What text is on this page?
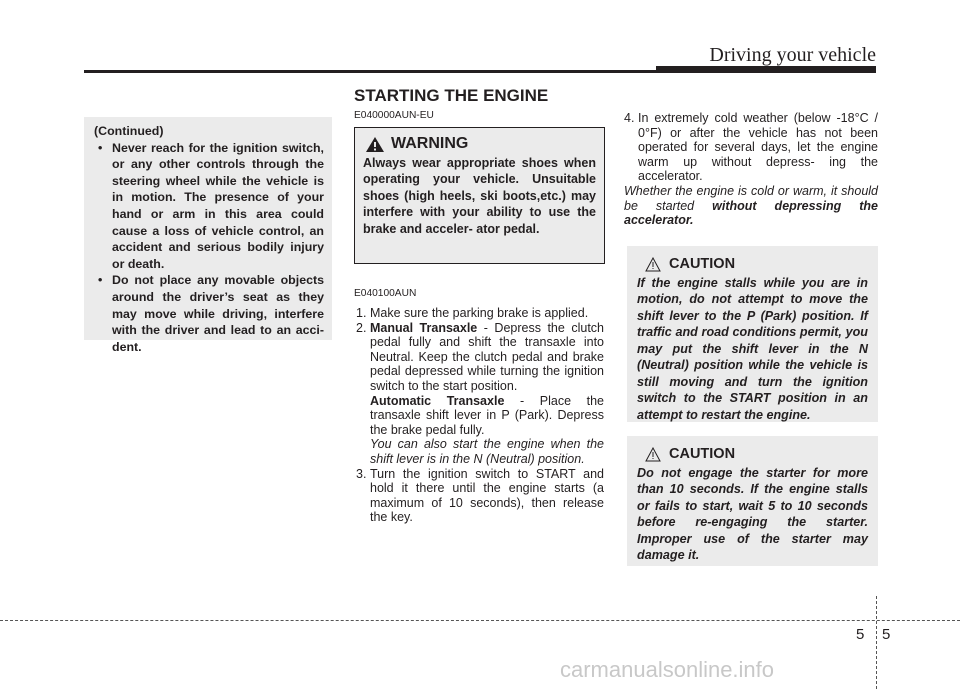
Driving your vehicle
STARTING THE ENGINE
(Continued)
• Never reach for the ignition switch, or any other controls through the steering wheel while the vehicle is in motion. The presence of your hand or arm in this area could cause a loss of vehicle control, an accident and serious bodily injury or death.
• Do not place any movable objects around the driver’s seat as they may move while driving, interfere with the driver and lead to an acci- dent.
E040000AUN-EU
WARNING
Always wear appropriate shoes when operating your vehicle. Unsuitable shoes (high heels, ski boots,etc.) may interfere with your ability to use the brake and acceler- ator pedal.
E040100AUN
1. Make sure the parking brake is applied.
2. Manual Transaxle - Depress the clutch pedal fully and shift the transaxle into Neutral. Keep the clutch pedal and brake pedal depressed while turning the ignition switch to the start position.
Automatic Transaxle - Place the transaxle shift lever in P (Park). Depress the brake pedal fully.
You can also start the engine when the shift lever is in the N (Neutral) position.
3. Turn the ignition switch to START and hold it there until the engine starts (a maximum of 10 seconds), then release the key.
4. In extremely cold weather (below -18°C / 0°F) or after the vehicle has not been operated for several days, let the engine warm up without depress- ing the accelerator.
Whether the engine is cold or warm, it should be started without depressing the accelerator.
CAUTION
If the engine stalls while you are in motion, do not attempt to move the shift lever to the P (Park) position. If traffic and road conditions permit, you may put the shift lever in the N (Neutral) position while the vehicle is still moving and turn the ignition switch to the START position in an attempt to restart the engine.
CAUTION
Do not engage the starter for more than 10 seconds. If the engine stalls or fails to start, wait 5 to 10 seconds before re-engaging the starter. Improper use of the starter may damage it.
5 5
carmanualsonline.info
